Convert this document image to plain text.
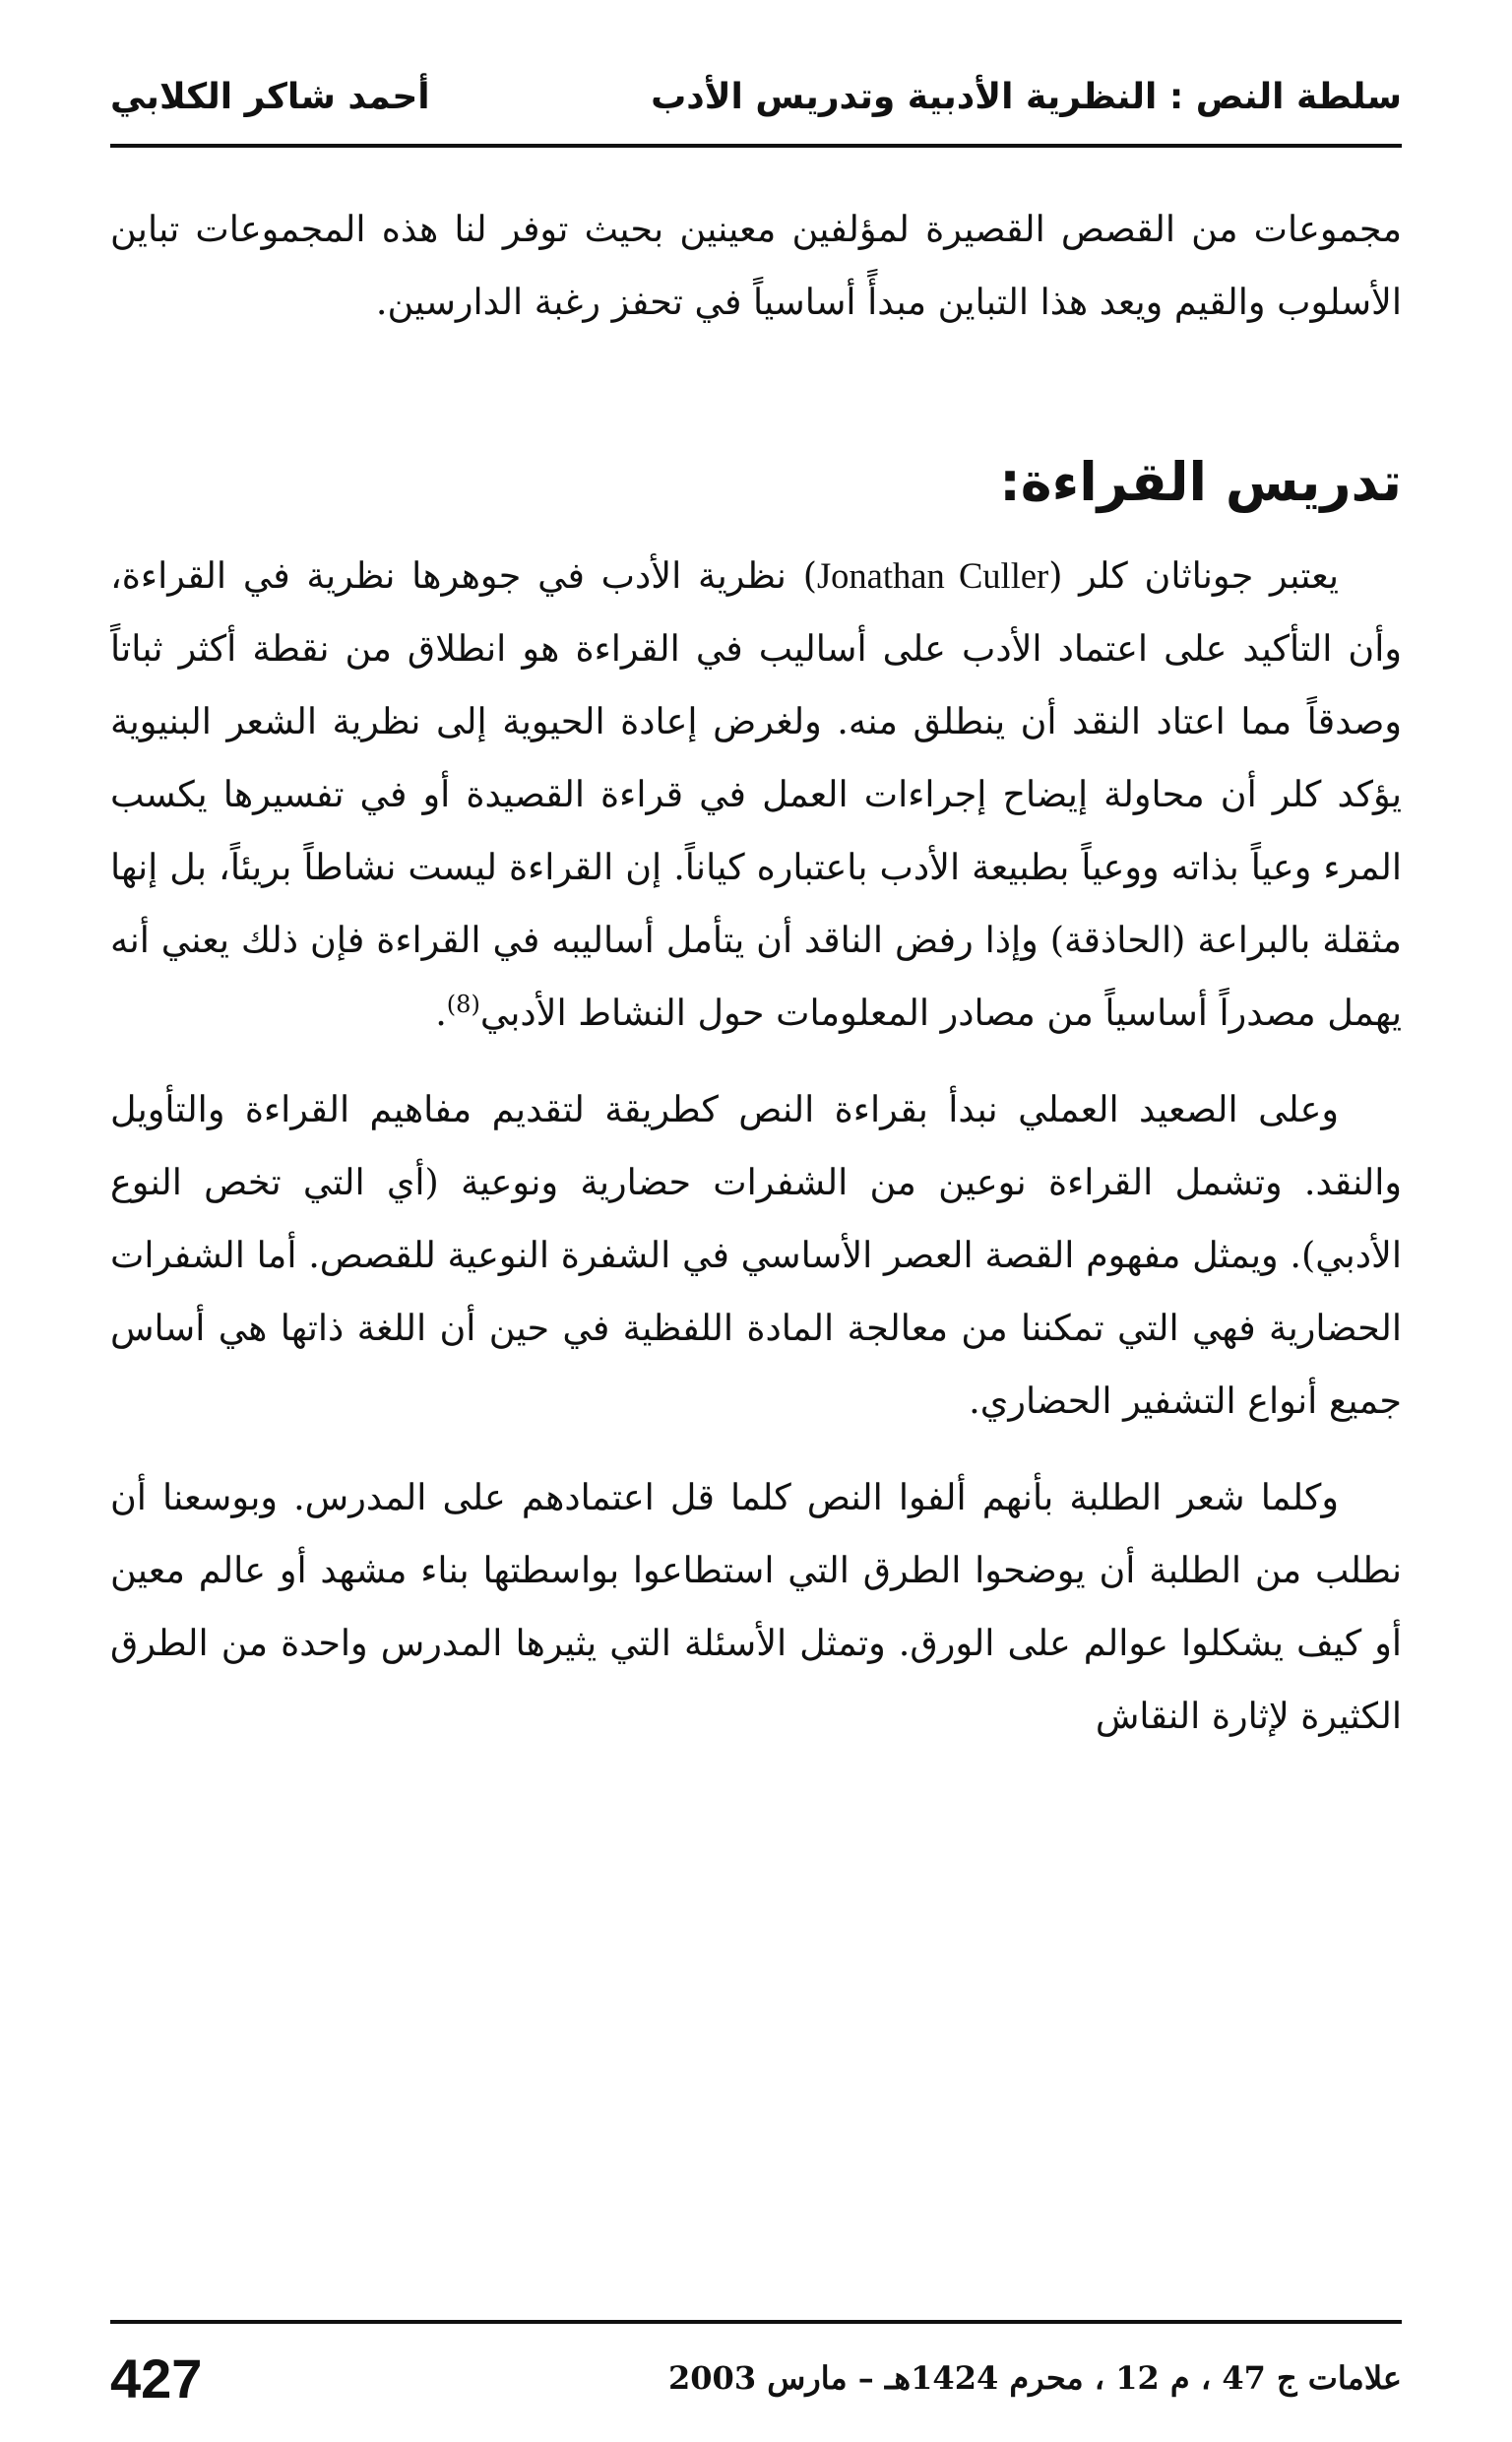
سلطة النص : النظرية الأدبية وتدريس الأدب
أحمد شاكر الكلابي

مجموعات من القصص القصيرة لمؤلفين معينين بحيث توفر لنا هذه المجموعات تباين الأسلوب والقيم ويعد هذا التباين مبدأً أساسياً في تحفز رغبة الدارسين.

تدريس القراءة:

يعتبر جوناثان كلر (Jonathan Culler) نظرية الأدب في جوهرها نظرية في القراءة، وأن التأكيد على اعتماد الأدب على أساليب في القراءة هو انطلاق من نقطة أكثر ثباتاً وصدقاً مما اعتاد النقد أن ينطلق منه. ولغرض إعادة الحيوية إلى نظرية الشعر البنيوية يؤكد كلر أن محاولة إيضاح إجراءات العمل في قراءة القصيدة أو في تفسيرها يكسب المرء وعياً بذاته ووعياً بطبيعة الأدب باعتباره كياناً. إن القراءة ليست نشاطاً بريئاً، بل إنها مثقلة بالبراعة (الحاذقة) وإذا رفض الناقد أن يتأمل أساليبه في القراءة فإن ذلك يعني أنه يهمل مصدراً أساسياً من مصادر المعلومات حول النشاط الأدبي$^{(8)}$.

وعلى الصعيد العملي نبدأ بقراءة النص كطريقة لتقديم مفاهيم القراءة والتأويل والنقد. وتشمل القراءة نوعين من الشفرات حضارية ونوعية (أي التي تخص النوع الأدبي). ويمثل مفهوم القصة العصر الأساسي في الشفرة النوعية للقصص. أما الشفرات الحضارية فهي التي تمكننا من معالجة المادة اللفظية في حين أن اللغة ذاتها هي أساس جميع أنواع التشفير الحضاري.

وكلما شعر الطلبة بأنهم ألفوا النص كلما قل اعتمادهم على المدرس. وبوسعنا أن نطلب من الطلبة أن يوضحوا الطرق التي استطاعوا بواسطتها بناء مشهد أو عالم معين أو كيف يشكلوا عوالم على الورق. وتمثل الأسئلة التي يثيرها المدرس واحدة من الطرق الكثيرة لإثارة النقاش

علامات ج 47 ، م 12 ، محرم 1424هـ – مارس 2003
427
